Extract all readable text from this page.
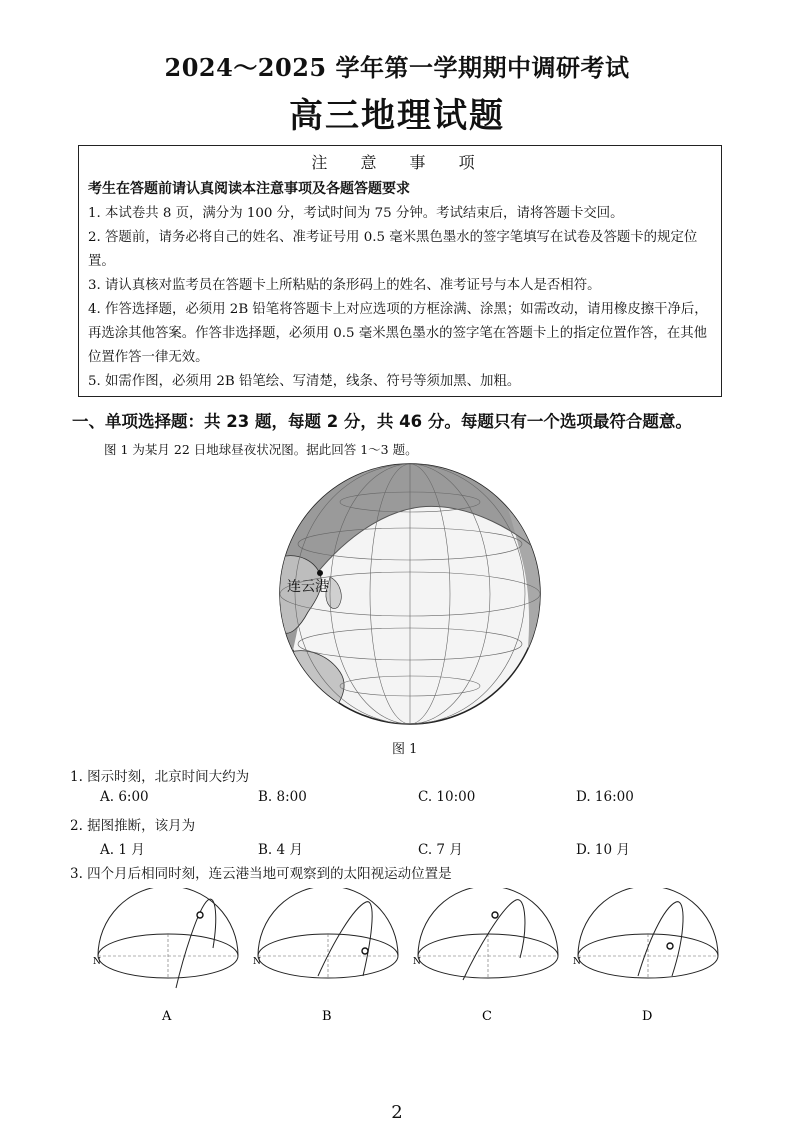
2024～2025 学年第一学期期中调研考试
高三地理试题
注 意 事 项
考生在答题前请认真阅读本注意事项及各题答题要求
1. 本试卷共 8 页，满分为 100 分，考试时间为 75 分钟。考试结束后，请将答题卡交回。
2. 答题前，请务必将自己的姓名、准考证号用 0.5 毫米黑色墨水的签字笔填写在试卷及答题卡的规定位置。
3. 请认真核对监考员在答题卡上所粘贴的条形码上的姓名、准考证号与本人是否相符。
4. 作答选择题，必须用 2B 铅笔将答题卡上对应选项的方框涂满、涂黑；如需改动，请用橡皮擦干净后，再选涂其他答案。作答非选择题，必须用 0.5 毫米黑色墨水的签字笔在答题卡上的指定位置作答，在其他位置作答一律无效。
5. 如需作图，必须用 2B 铅笔绘、写清楚，线条、符号等须加黑、加粗。
一、单项选择题：共 23 题，每题 2 分，共 46 分。每题只有一个选项最符合题意。
图 1 为某月 22 日地球昼夜状况图。据此回答 1～3 题。
连云港
图 1
1. 图示时刻，北京时间大约为
A. 6:00	B. 8:00	C. 10:00	D. 16:00
2. 据图推断，该月为
A. 1 月	B. 4 月	C. 7 月	D. 10 月
3. 四个月后相同时刻，连云港当地可观察到的太阳视运动位置是
N
A
N
B
N
C
N
D
2
